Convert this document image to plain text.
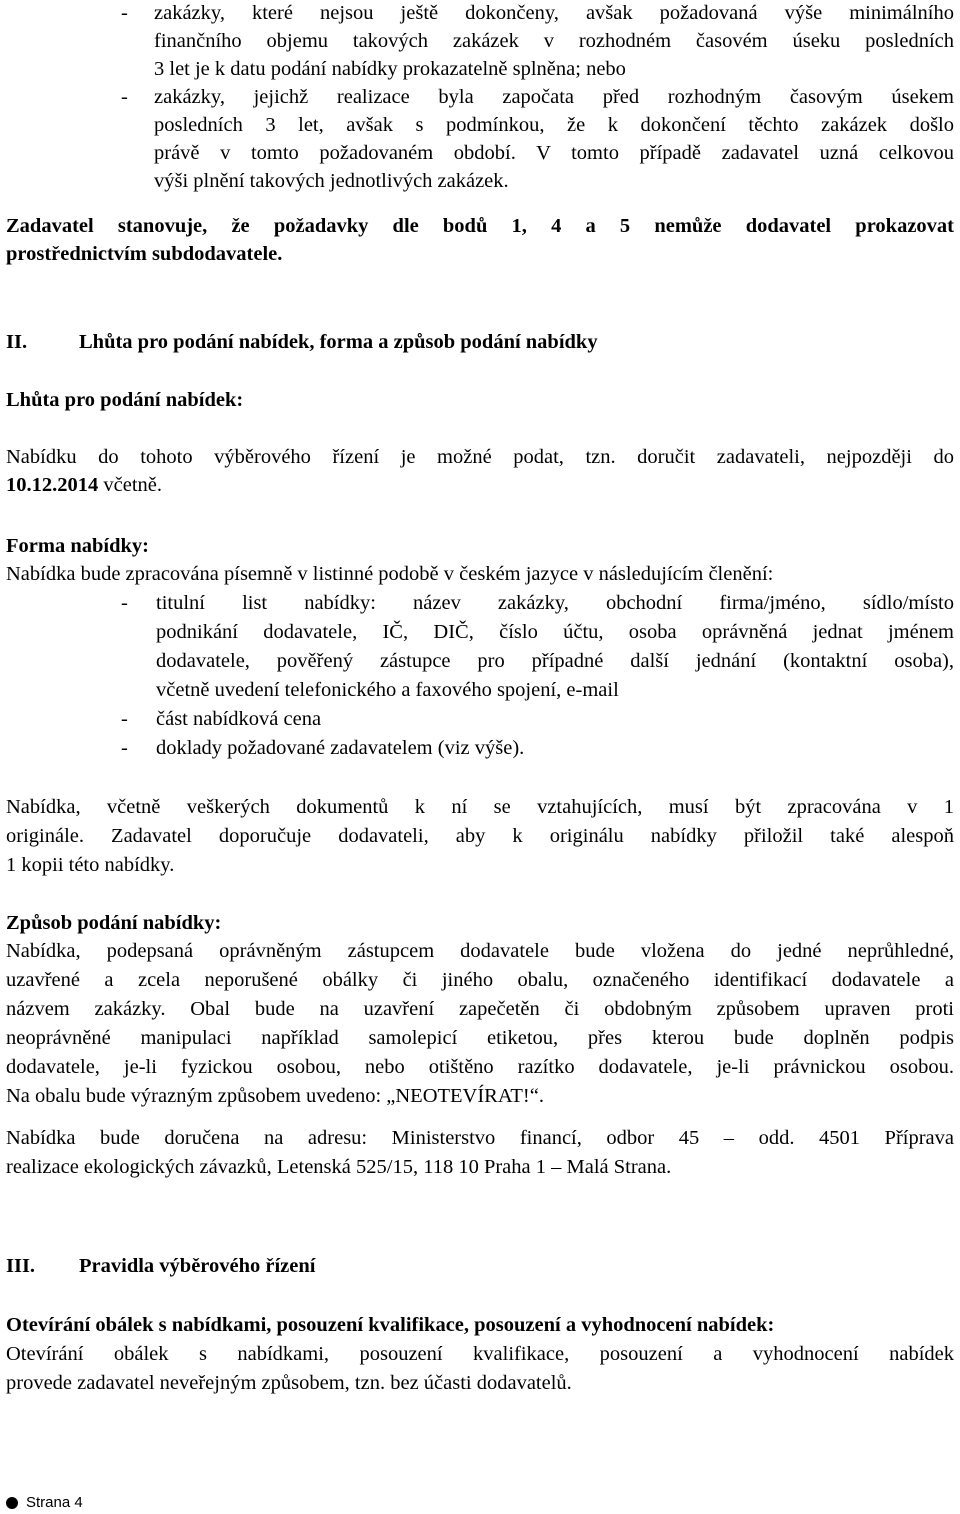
-	zakázky, které nejsou ještě dokončeny, avšak požadovaná výše minimálního
finančního objemu takových zakázek v rozhodném časovém úseku posledních
3 let je k datu podání nabídky prokazatelně splněna; nebo
-	zakázky, jejichž realizace byla započata před rozhodným časovým úsekem
posledních 3 let, avšak s podmínkou, že k dokončení těchto zakázek došlo
právě v tomto požadovaném období. V tomto případě zadavatel uzná celkovou
výši plnění takových jednotlivých zakázek.
Zadavatel stanovuje, že požadavky dle bodů 1, 4 a 5 nemůže dodavatel prokazovat
prostřednictvím subdodavatele.
II.	Lhůta pro podání nabídek, forma a způsob podání nabídky
Lhůta pro podání nabídek:
Nabídku do tohoto výběrového řízení je možné podat, tzn. doručit zadavateli, nejpozději do
10.12.2014 včetně.
Forma nabídky:
Nabídka bude zpracována písemně v listinné podobě v českém jazyce v následujícím členění:
-	titulní list nabídky: název zakázky, obchodní firma/jméno, sídlo/místo
podnikání dodavatele, IČ, DIČ, číslo účtu, osoba oprávněná jednat jménem
dodavatele, pověřený zástupce pro případné další jednání (kontaktní osoba),
včetně uvedení telefonického a faxového spojení, e-mail
-	část nabídková cena
-	doklady požadované zadavatelem (viz výše).
Nabídka, včetně veškerých dokumentů k ní se vztahujících, musí být zpracována v 1
originále. Zadavatel doporučuje dodavateli, aby k originálu nabídky přiložil také alespoň
1 kopii této nabídky.
Způsob podání nabídky:
Nabídka, podepsaná oprávněným zástupcem dodavatele bude vložena do jedné neprůhledné,
uzavřené a zcela neporušené obálky či jiného obalu, označeného identifikací dodavatele a
názvem zakázky. Obal bude na uzavření zapečetěn či obdobným způsobem upraven proti
neoprávněné manipulaci například samolepicí etiketou, přes kterou bude doplněn podpis
dodavatele, je-li fyzickou osobou, nebo otištěno razítko dodavatele, je-li právnickou osobou.
Na obalu bude výrazným způsobem uvedeno: „NEOTEVÍRAT!“.
Nabídka bude doručena na adresu: Ministerstvo financí, odbor 45 – odd. 4501 Příprava
realizace ekologických závazků, Letenská 525/15, 118 10 Praha 1 – Malá Strana.
III. Pravidla výběrového řízení
Otevírání obálek s nabídkami, posouzení kvalifikace, posouzení a vyhodnocení nabídek:
Otevírání obálek s nabídkami, posouzení kvalifikace, posouzení a vyhodnocení nabídek
provede zadavatel neveřejným způsobem, tzn. bez účasti dodavatelů.
Strana 4
